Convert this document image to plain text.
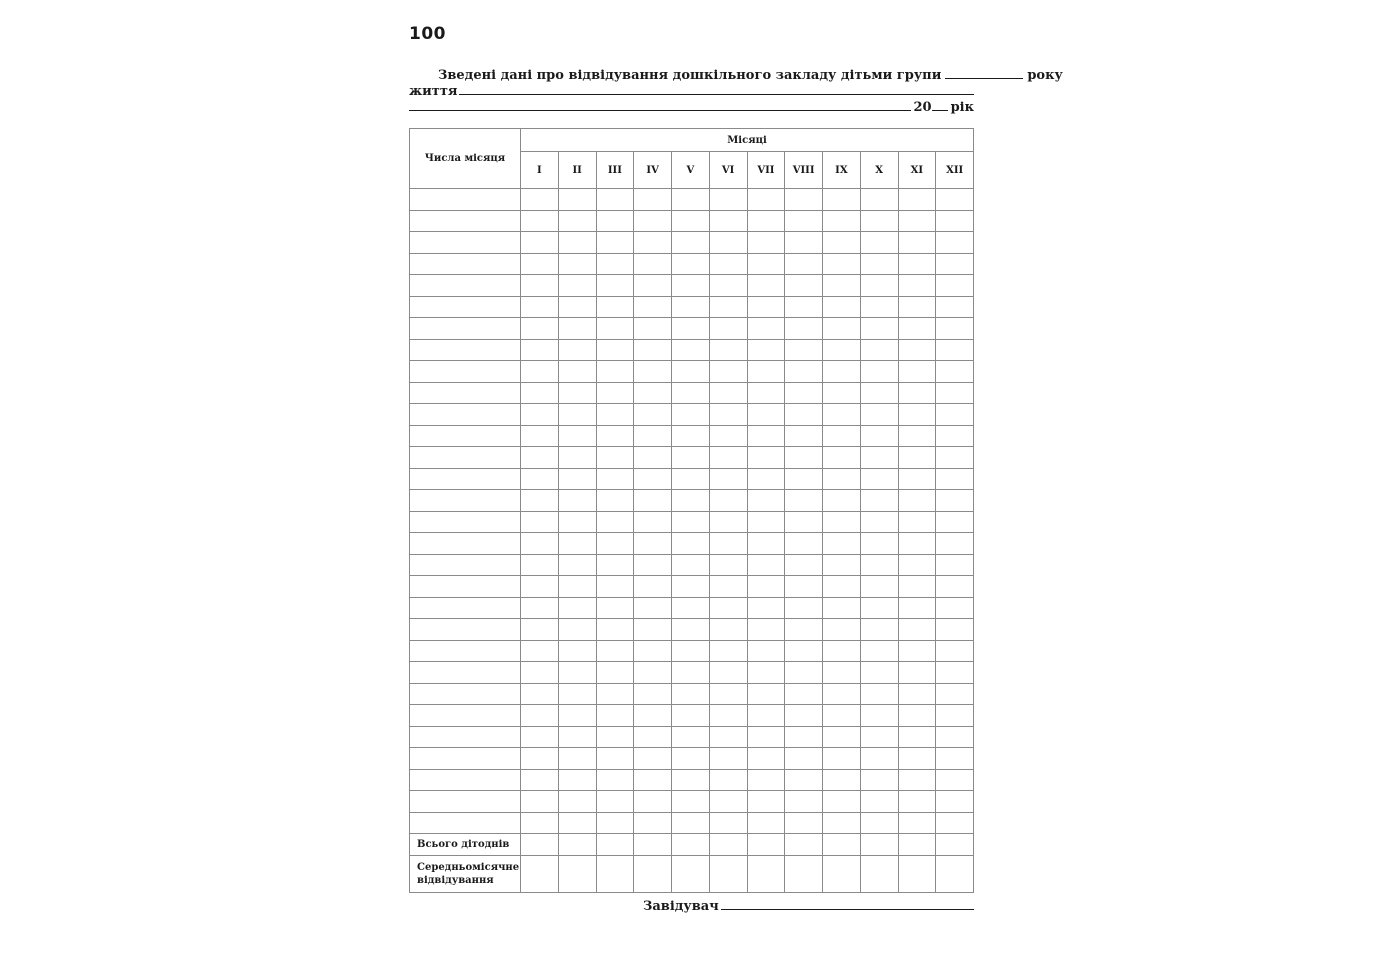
100
Зведені дані про відвідування дошкільного закладу дітьми групи	року
життя
20 рік
Числа місяця	Місяці											
	I	II	III	IV	V	VI	VII	VIII	IX	X	XI	XII

Всього дітоднів												
Середньомісячне відвідування												
Завідувач
